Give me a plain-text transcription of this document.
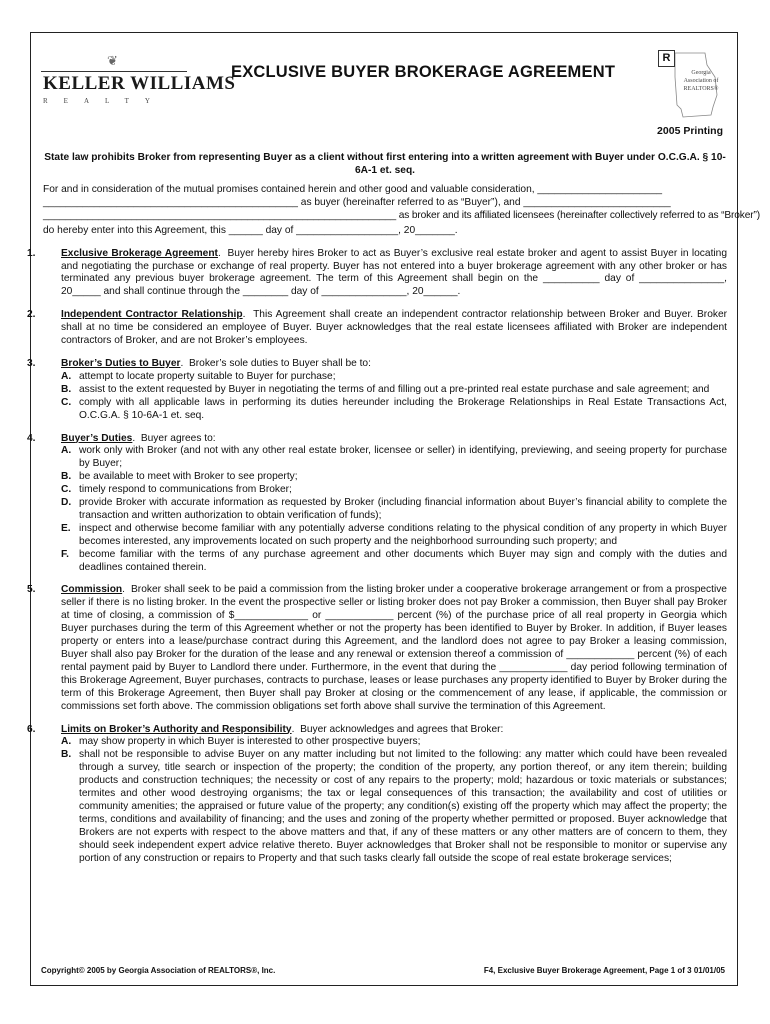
❦
KELLER WILLIAMS
REALTY
EXCLUSIVE BUYER BROKERAGE AGREEMENT
R
Georgia
Association of
REALTORS®
2005 Printing
State law prohibits Broker from representing Buyer as a client without first entering into a written agreement with Buyer under O.C.G.A. § 10-6A-1 et. seq.

For and in consideration of the mutual promises contained herein and other good and valuable consideration, ______________________

_____________________________________________ as buyer (hereinafter referred to as “Buyer”), and __________________________

________________________________________________________________ as broker and its affiliated licensees (hereinafter collectively referred to as “Broker”)

do hereby enter into this Agreement, this ______ day of __________________, 20_______.

1.	Exclusive Brokerage Agreement.  Buyer hereby hires Broker to act as Buyer’s exclusive real estate broker and agent to assist Buyer in locating and negotiating the purchase or exchange of real property. Buyer has not entered into a buyer brokerage agreement with any other broker or has terminated any previous buyer brokerage agreement. The term of this Agreement shall begin on the __________ day of _______________, 20_____ and shall continue through the ________ day of _______________, 20______.
2.	Independent Contractor Relationship.  This Agreement shall create an independent contractor relationship between Broker and Buyer. Broker shall at no time be considered an employee of Buyer. Buyer acknowledges that the real estate licensees affiliated with Broker are independent contractors of Broker, and are not Broker’s employees.
3.	Broker’s Duties to Buyer.  Broker’s sole duties to Buyer shall be to:
A. attempt to locate property suitable to Buyer for purchase;
B. assist to the extent requested by Buyer in negotiating the terms of and filling out a pre-printed real estate purchase and sale agreement; and
C. comply with all applicable laws in performing its duties hereunder including the Brokerage Relationships in Real Estate Transactions Act, O.C.G.A. § 10-6A-1 et. seq.
4.	Buyer’s Duties.  Buyer agrees to:
A. work only with Broker (and not with any other real estate broker, licensee or seller) in identifying, previewing, and seeing property for purchase by Buyer;
B. be available to meet with Broker to see property;
C. timely respond to communications from Broker;
D. provide Broker with accurate information as requested by Broker (including financial information about Buyer’s financial ability to complete the transaction and written authorization to obtain verification of funds);
E. inspect and otherwise become familiar with any potentially adverse conditions relating to the physical condition of any property in which Buyer becomes interested, any improvements located on such property and the neighborhood surrounding such property; and
F. become familiar with the terms of any purchase agreement and other documents which Buyer may sign and comply with the duties and deadlines contained therein.
5.	Commission.  Broker shall seek to be paid a commission from the listing broker under a cooperative brokerage arrangement or from a prospective seller if there is no listing broker. In the event the prospective seller or listing broker does not pay Broker a commission, then Buyer shall pay Broker at time of closing, a commission of $_____________ or ____________ percent (%) of the purchase price of all real property in Georgia which Buyer purchases during the term of this Agreement whether or not the property has been identified to Buyer by Broker. In addition, if Buyer leases property or enters into a lease/purchase contract during this Agreement, and the landlord does not agree to pay Broker a leasing commission, Buyer shall also pay Broker for the duration of the lease and any renewal or extension thereof a commission of ____________ percent (%) of each rental payment paid by Buyer to Landlord there under. Furthermore, in the event that during the ____________ day period following termination of this Brokerage Agreement, Buyer purchases, contracts to purchase, leases or lease purchases any property identified to Buyer by Broker during the term of this Brokerage Agreement, then Buyer shall pay Broker at closing or the commencement of any lease, if applicable, the commission or commissions set forth above. The commission obligations set forth above shall survive the termination of this Agreement.
6.	Limits on Broker’s Authority and Responsibility.  Buyer acknowledges and agrees that Broker:
A. may show property in which Buyer is interested to other prospective buyers;
B. shall not be responsible to advise Buyer on any matter including but not limited to the following: any matter which could have been revealed through a survey, title search or inspection of the property; the condition of the property, any portion thereof, or any item therein; building products and construction techniques; the necessity or cost of any repairs to the property; mold; hazardous or toxic materials or substances; termites and other wood destroying organisms; the tax or legal consequences of this transaction; the availability and cost of utilities or community amenities; the appraised or future value of the property; any condition(s) existing off the property which may affect the property; the terms, conditions and availability of financing; and the uses and zoning of the property whether permitted or proposed. Buyer acknowledge that Brokers are not experts with respect to the above matters and that, if any of these matters or any other matters are of concern to them, they should seek independent expert advice relative thereto. Buyer acknowledges that Broker shall not be responsible to monitor or supervise any portion of any construction or repairs to Property and that such tasks clearly fall outside the scope of real estate brokerage services;
Copyright© 2005 by Georgia Association of REALTORS®, Inc.	F4, Exclusive Buyer Brokerage Agreement, Page 1 of 3 01/01/05
